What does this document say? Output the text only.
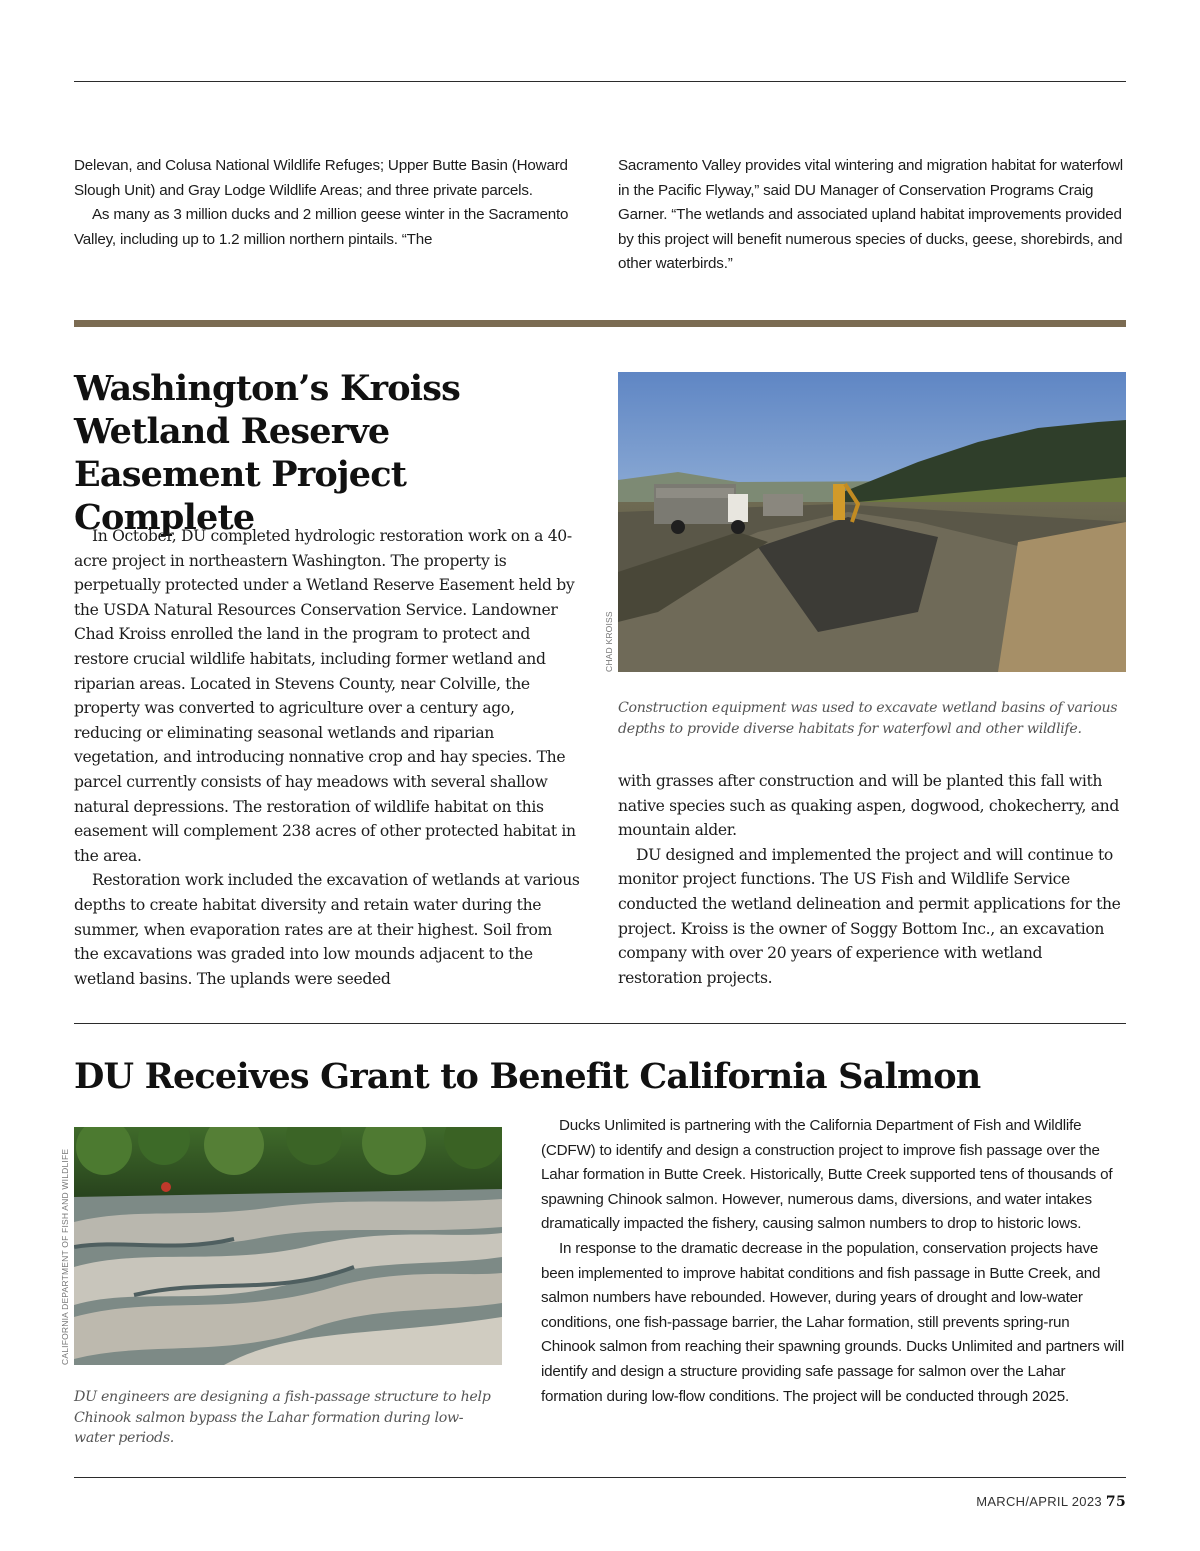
Delevan, and Colusa National Wildlife Refuges; Upper Butte Basin (Howard Slough Unit) and Gray Lodge Wildlife Areas; and three private parcels.

As many as 3 million ducks and 2 million geese winter in the Sacramento Valley, including up to 1.2 million northern pintails. “The

Sacramento Valley provides vital wintering and migration habitat for waterfowl in the Pacific Flyway,” said DU Manager of Conservation Programs Craig Garner. “The wetlands and associated upland habitat improvements provided by this project will benefit numerous species of ducks, geese, shorebirds, and other waterbirds.”

Washington’s Kroiss Wetland Reserve Easement Project Complete

In October, DU completed hydrologic restoration work on a 40-acre project in northeastern Washington. The property is perpetually protected under a Wetland Reserve Easement held by the USDA Natural Resources Conservation Service. Landowner Chad Kroiss enrolled the land in the program to protect and restore crucial wildlife habitats, including former wetland and riparian areas. Located in Stevens County, near Colville, the property was converted to agriculture over a century ago, reducing or eliminating seasonal wetlands and riparian vegetation, and introducing nonnative crop and hay species. The parcel currently consists of hay meadows with several shallow natural depressions. The restoration of wildlife habitat on this easement will complement 238 acres of other protected habitat in the area.

Restoration work included the excavation of wetlands at various depths to create habitat diversity and retain water during the summer, when evaporation rates are at their highest. Soil from the excavations was graded into low mounds adjacent to the wetland basins. The uplands were seeded

CHAD KROISS
Construction equipment was used to excavate wetland basins of various depths to provide diverse habitats for waterfowl and other wildlife.

with grasses after construction and will be planted this fall with native species such as quaking aspen, dogwood, chokecherry, and mountain alder.

DU designed and implemented the project and will continue to monitor project functions. The US Fish and Wildlife Service conducted the wetland delineation and permit applications for the project. Kroiss is the owner of Soggy Bottom Inc., an excavation company with over 20 years of experience with wetland restoration projects.

DU Receives Grant to Benefit California Salmon
CALIFORNIA DEPARTMENT OF FISH AND WILDLIFE
DU engineers are designing a fish-passage structure to help Chinook salmon bypass the Lahar formation during low-water periods.

Ducks Unlimited is partnering with the California Department of Fish and Wildlife (CDFW) to identify and design a construction project to improve fish passage over the Lahar formation in Butte Creek. Historically, Butte Creek supported tens of thousands of spawning Chinook salmon. However, numerous dams, diversions, and water intakes dramatically impacted the fishery, causing salmon numbers to drop to historic lows.

In response to the dramatic decrease in the population, conservation projects have been implemented to improve habitat conditions and fish passage in Butte Creek, and salmon numbers have rebounded. However, during years of drought and low-water conditions, one fish-passage barrier, the Lahar formation, still prevents spring-run Chinook salmon from reaching their spawning grounds. Ducks Unlimited and partners will identify and design a structure providing safe passage for salmon over the Lahar formation during low-flow conditions. The project will be conducted through 2025.

MARCH/APRIL 2023 75
